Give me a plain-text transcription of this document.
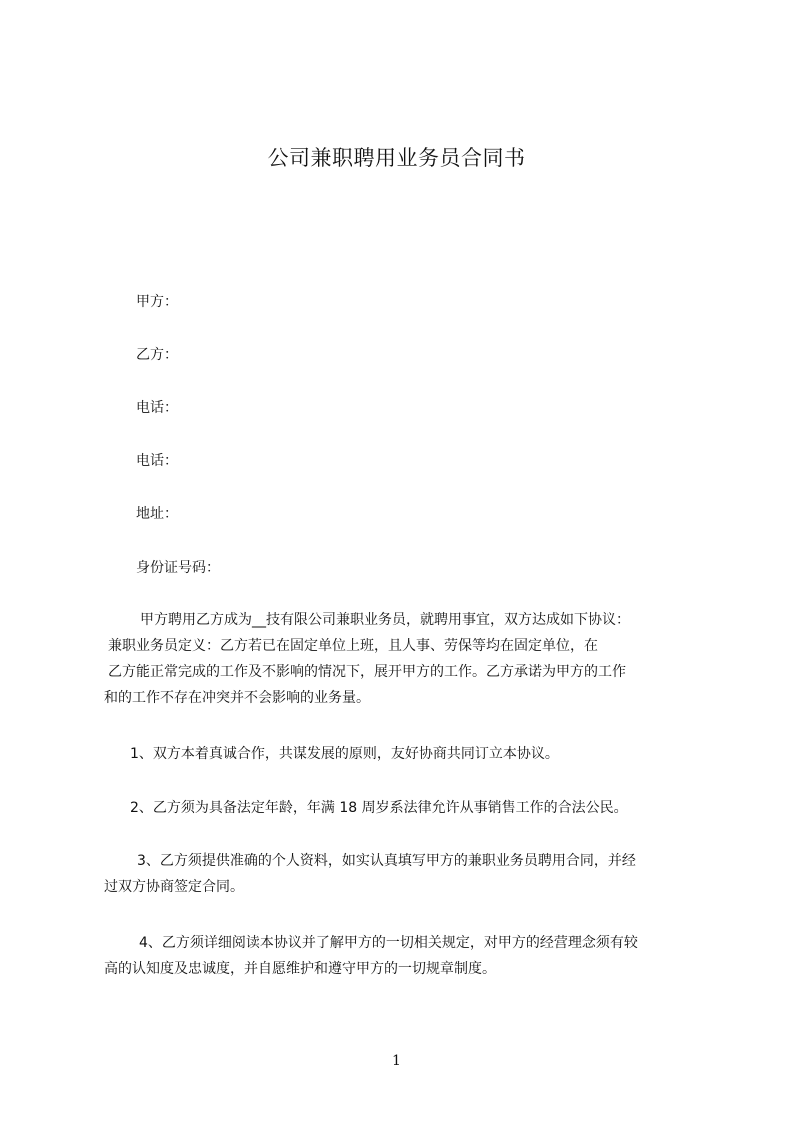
公司兼职聘用业务员合同书
甲方：
乙方：
电话：
电话：
地址：
身份证号码：
甲方聘用乙方成为__技有限公司兼职业务员，就聘用事宜，双方达成如下协议：
兼职业务员定义：乙方若已在固定单位上班，且人事、劳保等均在固定单位，在
乙方能正常完成的工作及不影响的情况下，展开甲方的工作。乙方承诺为甲方的工作
和的工作不存在冲突并不会影响的业务量。
1、双方本着真诚合作，共谋发展的原则，友好协商共同订立本协议。
2、乙方须为具备法定年龄，年满 18 周岁系法律允许从事销售工作的合法公民。
3、乙方须提供准确的个人资料，如实认真填写甲方的兼职业务员聘用合同，并经
过双方协商签定合同。
4、乙方须详细阅读本协议并了解甲方的一切相关规定，对甲方的经营理念须有较
高的认知度及忠诚度，并自愿维护和遵守甲方的一切规章制度。
1
